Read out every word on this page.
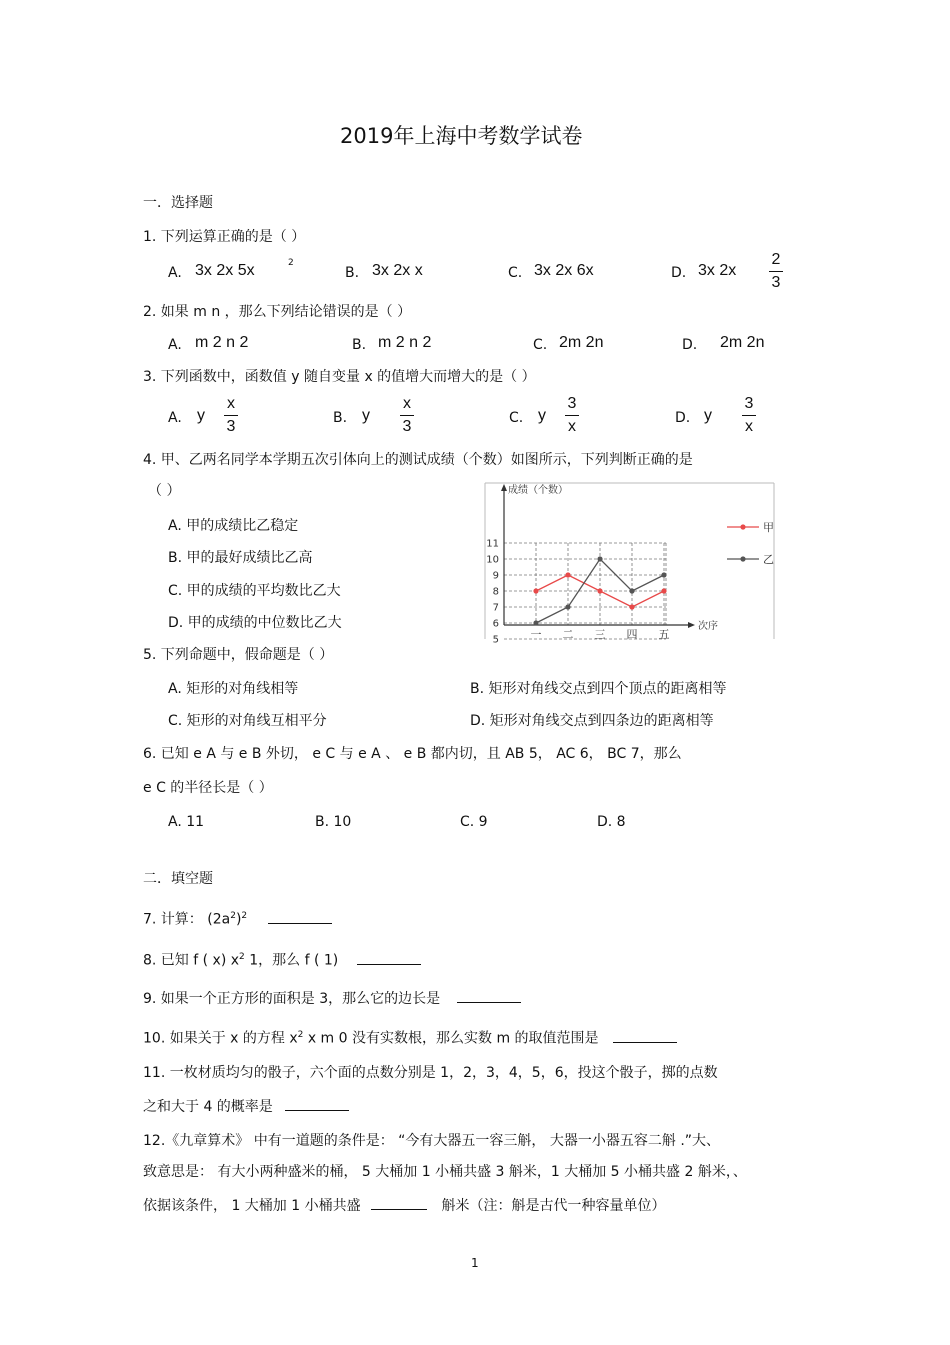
2019年上海中考数学试卷
一．选择题
1. 下列运算正确的是（ ）
A. 3x 2x 5x	2
B. 3x 2x x	C. 3x 2x 6x	D. 3x 2x
2
3
2. 如果 m n ，那么下列结论错误的是（ ）
A. m 2 n 2	B. m 2 n 2	C. 2m 2n	D. 2m 2n
3. 下列函数中，函数值 y 随自变量 x 的值增大而增大的是（ ）
A. y
x
3	B. y
x
3	C. y
3
x	D. y
3
x
4. 甲、乙两名同学本学期五次引体向上的测试成绩（个数）如图所示，下列判断正确的是
（ ）
A. 甲的成绩比乙稳定
B. 甲的最好成绩比乙高
C. 甲的成绩的平均数比乙大
D. 甲的成绩的中位数比乙大
成绩（个数）
次序
5
6
7
8
9
10
11
一 二 三 四 五
甲
乙
5. 下列命题中，假命题是（ ）
A. 矩形的对角线相等	B. 矩形对角线交点到四个顶点的距离相等
C. 矩形的对角线互相平分	D. 矩形对角线交点到四条边的距离相等
6. 已知 e A 与 e B 外切， e C 与 e A 、 e B 都内切，且 AB 5， AC 6， BC 7，那么
e C 的半径长是（ ）
A. 11	B. 10	C. 9	D. 8
二．填空题
7. 计算： $(2a^2)^2$
8. 已知 f ( x) $x^2$ 1，那么 f ( 1)
9. 如果一个正方形的面积是 3，那么它的边长是
10. 如果关于 x 的方程 $x^2$ x m 0 没有实数根，那么实数 m 的取值范围是
11. 一枚材质均匀的骰子，六个面的点数分别是 1，2，3，4，5，6，投这个骰子，掷的点数
之和大于 4 的概率是
12.《九章算术》 中有一道题的条件是： “今有大器五一容三斛， 大器一小器五容二斛 .”大、
致意思是： 有大小两种盛米的桶， 5 大桶加 1 小桶共盛 3 斛米，1 大桶加 5 小桶共盛 2 斛米，、
依据该条件， 1 大桶加 1 小桶共盛	斛米（注：斛是古代一种容量单位）
1
